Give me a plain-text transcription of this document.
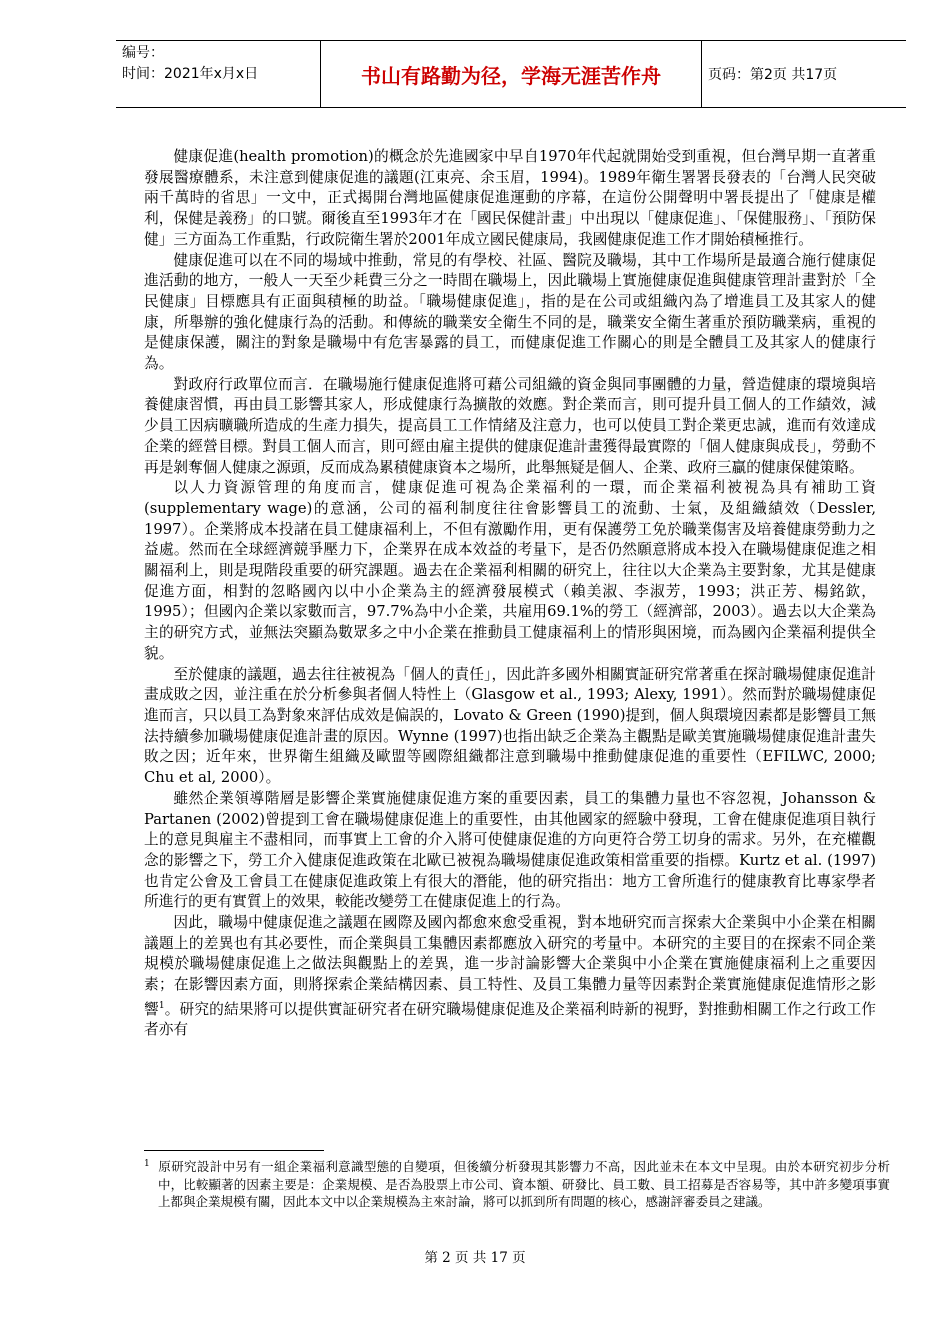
编号：
时间：2021年x月x日	书山有路勤为径，学海无涯苦作舟	页码：第2页 共17页

健康促進(health promotion)的概念於先進國家中早自1970年代起就開始受到重視，但台灣早期一直著重發展醫療體系，未注意到健康促進的議題(江東亮、余玉眉，1994)。1989年衛生署署長發表的「台灣人民突破兩千萬時的省思」一文中，正式揭開台灣地區健康促進運動的序幕，在這份公開聲明中署長提出了「健康是權利，保健是義務」的口號。爾後直至1993年才在「國民保健計畫」中出現以「健康促進」、「保健服務」、「預防保健」三方面為工作重點，行政院衛生署於2001年成立國民健康局，我國健康促進工作才開始積極推行。

健康促進可以在不同的場域中推動，常見的有學校、社區、醫院及職場，其中工作場所是最適合施行健康促進活動的地方，一般人一天至少耗費三分之一時間在職場上，因此職場上實施健康促進與健康管理計畫對於「全民健康」目標應具有正面與積極的助益。「職場健康促進」，指的是在公司或組織內為了增進員工及其家人的健康，所舉辦的強化健康行為的活動。和傳統的職業安全衛生不同的是，職業安全衛生著重於預防職業病，重視的是健康保護，關注的對象是職場中有危害暴露的員工，而健康促進工作關心的則是全體員工及其家人的健康行為。

對政府行政單位而言．在職場施行健康促進將可藉公司組織的資金與同事團體的力量，營造健康的環境與培養健康習慣，再由員工影響其家人，形成健康行為擴散的效應。對企業而言，則可提升員工個人的工作績效，減少員工因病曠職所造成的生產力損失，提高員工工作情緒及注意力，也可以使員工對企業更忠誠，進而有效達成企業的經營目標。對員工個人而言，則可經由雇主提供的健康促進計畫獲得最實際的「個人健康與成長」，勞動不再是剝奪個人健康之源頭，反而成為累積健康資本之場所，此舉無疑是個人、企業、政府三贏的健康保健策略。

以人力資源管理的角度而言，健康促進可視為企業福利的一環，而企業福利被視為具有補助工資(supplementary wage)的意涵，公司的福利制度往往會影響員工的流動、士氣，及組織績效（Dessler, 1997）。企業將成本投諸在員工健康福利上，不但有激勵作用，更有保護勞工免於職業傷害及培養健康勞動力之益處。然而在全球經濟競爭壓力下，企業界在成本效益的考量下，是否仍然願意將成本投入在職場健康促進之相關福利上，則是現階段重要的研究課題。過去在企業福利相關的研究上，往往以大企業為主要對象，尤其是健康促進方面，相對的忽略國內以中小企業為主的經濟發展模式（賴美淑、李淑芳，1993；洪正芳、楊銘欽，1995）；但國內企業以家數而言，97.7%為中小企業，共雇用69.1%的勞工（經濟部，2003）。過去以大企業為主的研究方式，並無法突顯為數眾多之中小企業在推動員工健康福利上的情形與困境，而為國內企業福利提供全貌。

至於健康的議題，過去往往被視為「個人的責任」，因此許多國外相關實証研究常著重在探討職場健康促進計畫成敗之因，並注重在於分析參與者個人特性上（Glasgow et al., 1993; Alexy, 1991）。然而對於職場健康促進而言，只以員工為對象來評估成效是偏誤的，Lovato & Green (1990)提到，個人與環境因素都是影響員工無法持續參加職場健康促進計畫的原因。Wynne (1997)也指出缺乏企業為主觀點是歐美實施職場健康促進計畫失敗之因；近年來，世界衛生組織及歐盟等國際組織都注意到職場中推動健康促進的重要性（EFILWC, 2000; Chu et al, 2000）。

雖然企業領導階層是影響企業實施健康促進方案的重要因素，員工的集體力量也不容忽視，Johansson & Partanen (2002)曾提到工會在職場健康促進上的重要性，由其他國家的經驗中發現，工會在健康促進項目執行上的意見與雇主不盡相同，而事實上工會的介入將可使健康促進的方向更符合勞工切身的需求。另外，在充權觀念的影響之下，勞工介入健康促進政策在北歐已被視為職場健康促進政策相當重要的指標。Kurtz et al. (1997)也肯定公會及工會員工在健康促進政策上有很大的潛能，他的研究指出：地方工會所進行的健康教育比專家學者所進行的更有實質上的效果，較能改變勞工在健康促進上的行為。

因此，職場中健康促進之議題在國際及國內都愈來愈受重視，對本地研究而言探索大企業與中小企業在相關議題上的差異也有其必要性，而企業與員工集體因素都應放入研究的考量中。本研究的主要目的在探索不同企業規模於職場健康促進上之做法與觀點上的差異，進一步討論影響大企業與中小企業在實施健康福利上之重要因素；在影響因素方面，則將探索企業結構因素、員工特性、及員工集體力量等因素對企業實施健康促進情形之影響$^1$。研究的結果將可以提供實証研究者在研究職場健康促進及企業福利時新的視野，對推動相關工作之行政工作者亦有

$^1$ 原研究設計中另有一組企業福利意識型態的自變項，但後續分析發現其影響力不高，因此並未在本文中呈現。由於本研究初步分析中，比較顯著的因素主要是：企業規模、是否為股票上市公司、資本額、研發比、員工數、員工招募是否容易等，其中許多變項事實上都與企業規模有關，因此本文中以企業規模為主來討論，將可以抓到所有問題的核心，感謝評審委員之建議。
第 2 页 共 17 页
